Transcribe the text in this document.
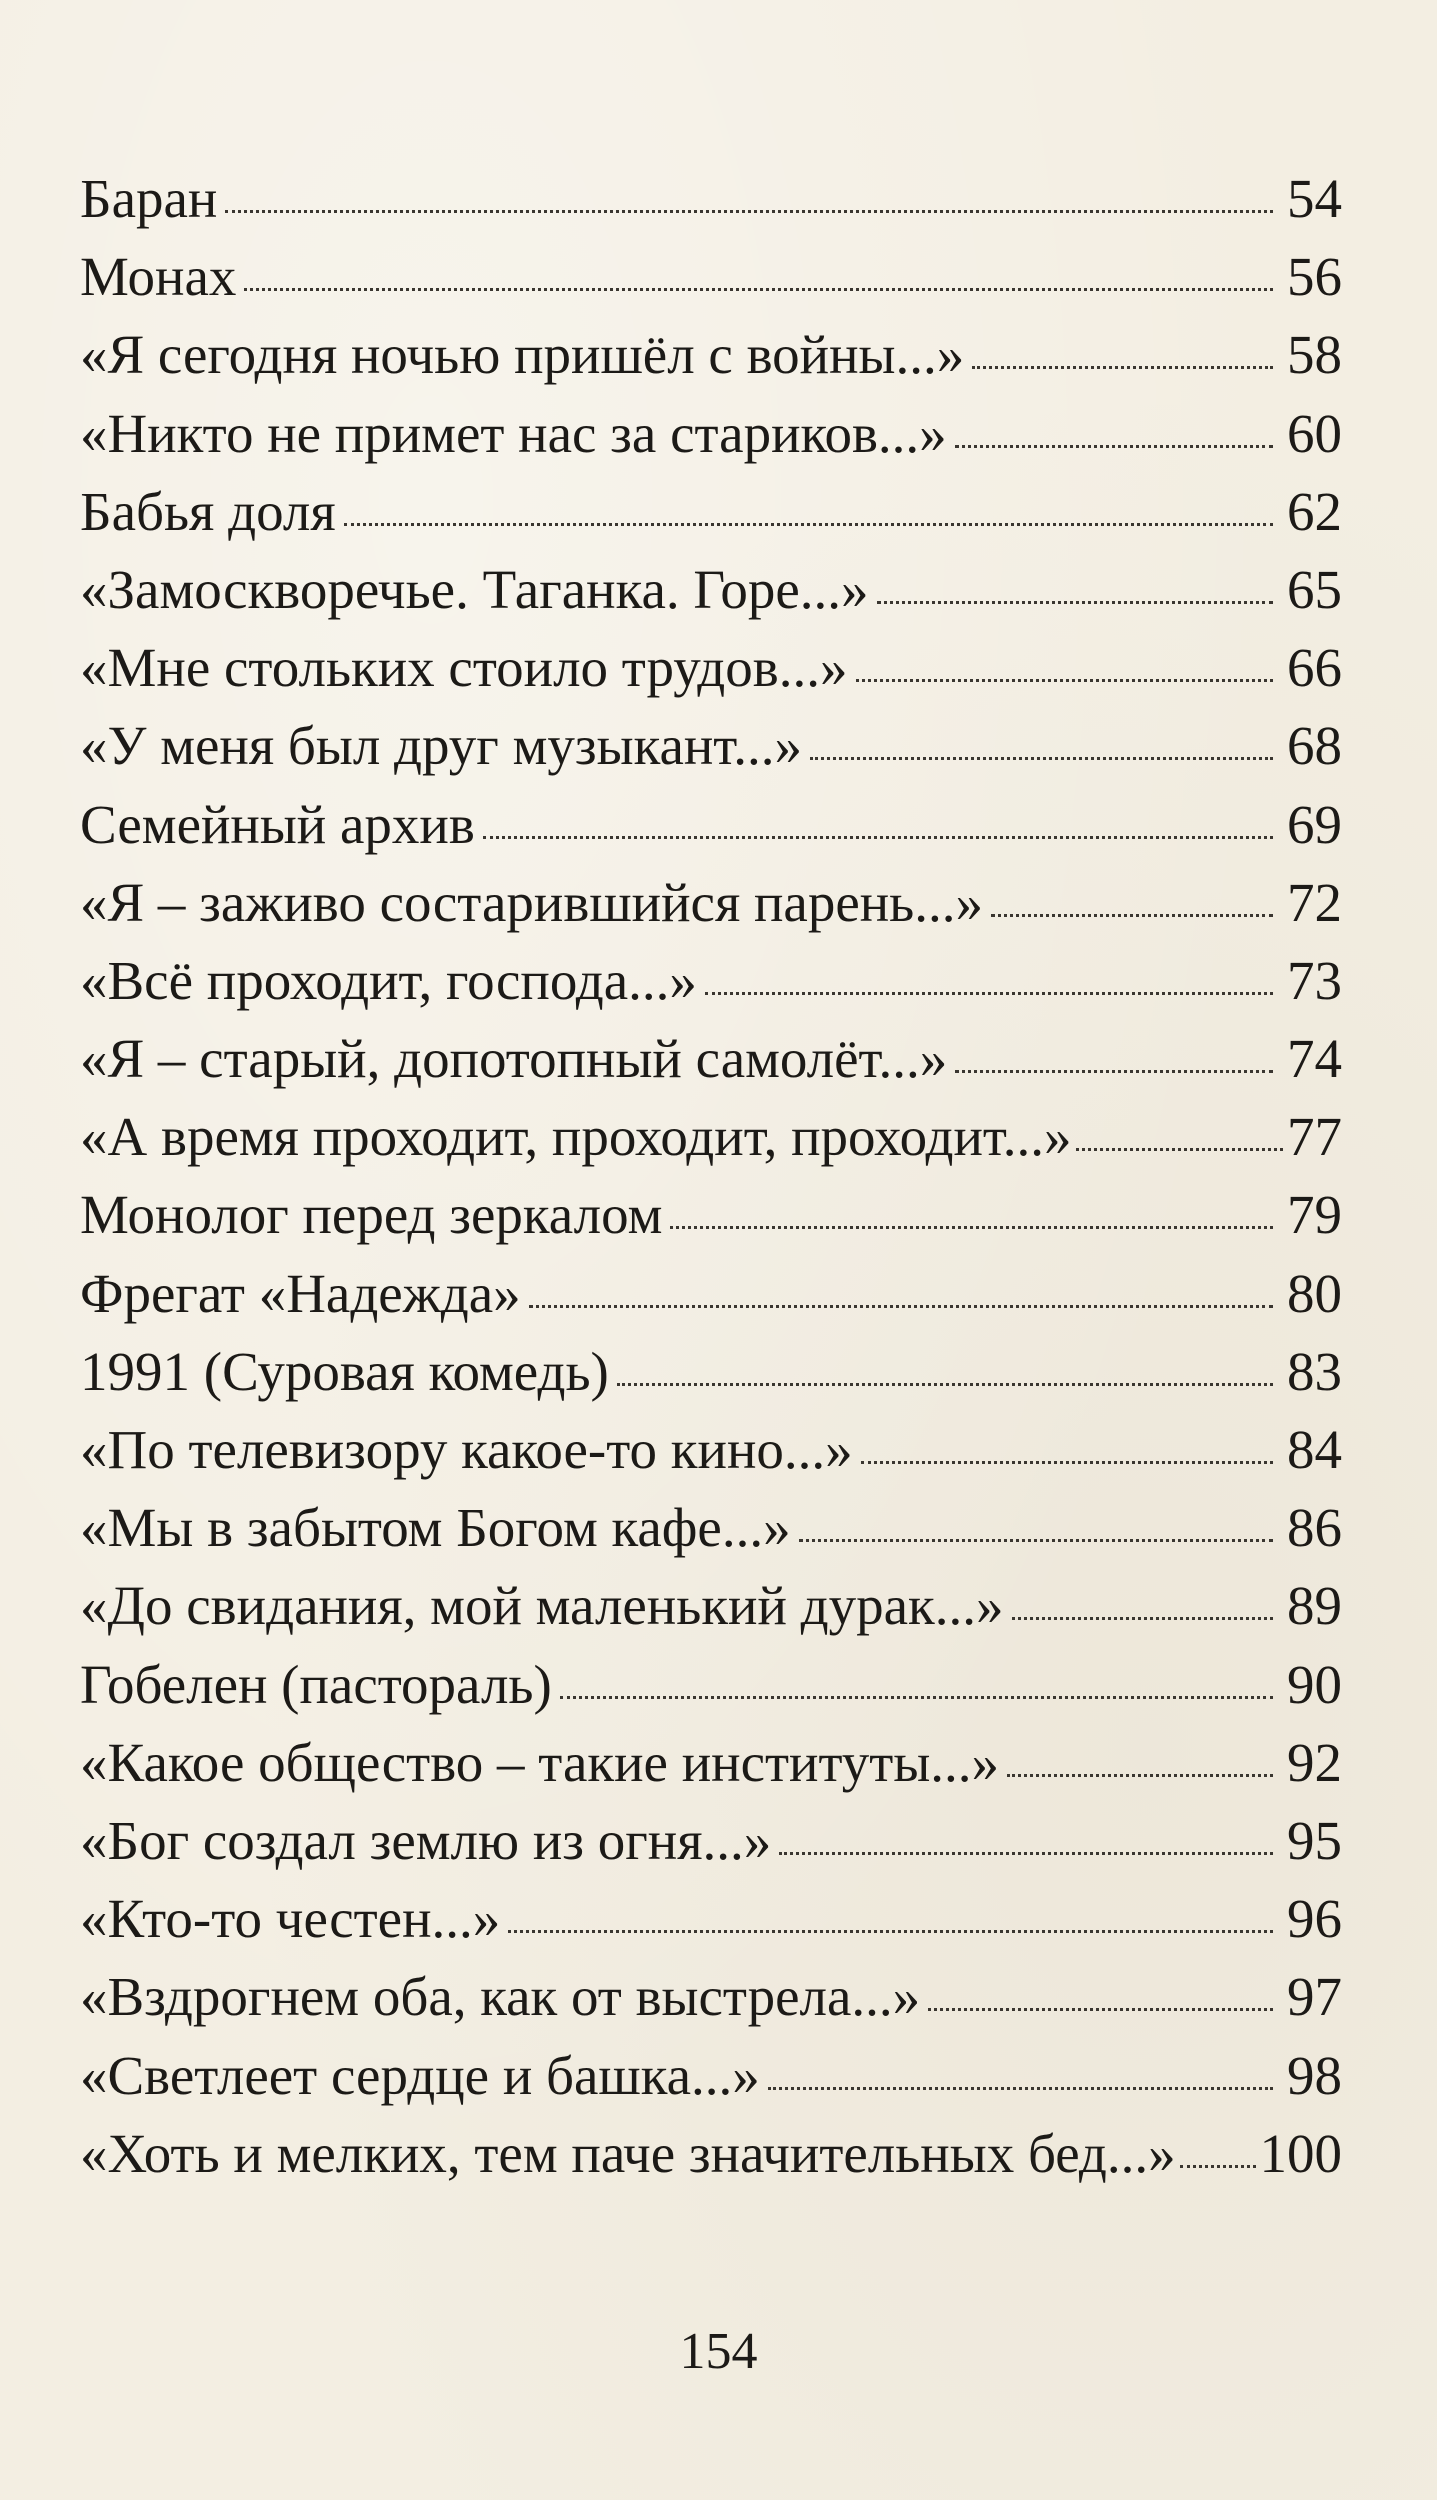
Баран	54
Монах	56
«Я сегодня ночью пришёл с войны...»	58
«Никто не примет нас за стариков...»	60
Бабья доля	62
«Замоскворечье. Таганка. Горе...»	65
«Мне стольких стоило трудов...»	66
«У меня был друг музыкант...»	68
Семейный архив	69
«Я – заживо состарившийся парень...»	72
«Всё проходит, господа...»	73
«Я – старый, допотопный самолёт...»	74
«А время проходит, проходит, проходит...»	77
Монолог перед зеркалом	79
Фрегат «Надежда»	80
1991 (Суровая комедь)	83
«По телевизору какое-то кино...»	84
«Мы в забытом Богом кафе...»	86
«До свидания, мой маленький дурак...»	89
Гобелен (пастораль)	90
«Какое общество – такие институты...»	92
«Бог создал землю из огня...»	95
«Кто-то честен...»	96
«Вздрогнем оба, как от выстрела...»	97
«Светлеет сердце и башка...»	98
«Хоть и мелких, тем паче значительных бед...» 100
154
